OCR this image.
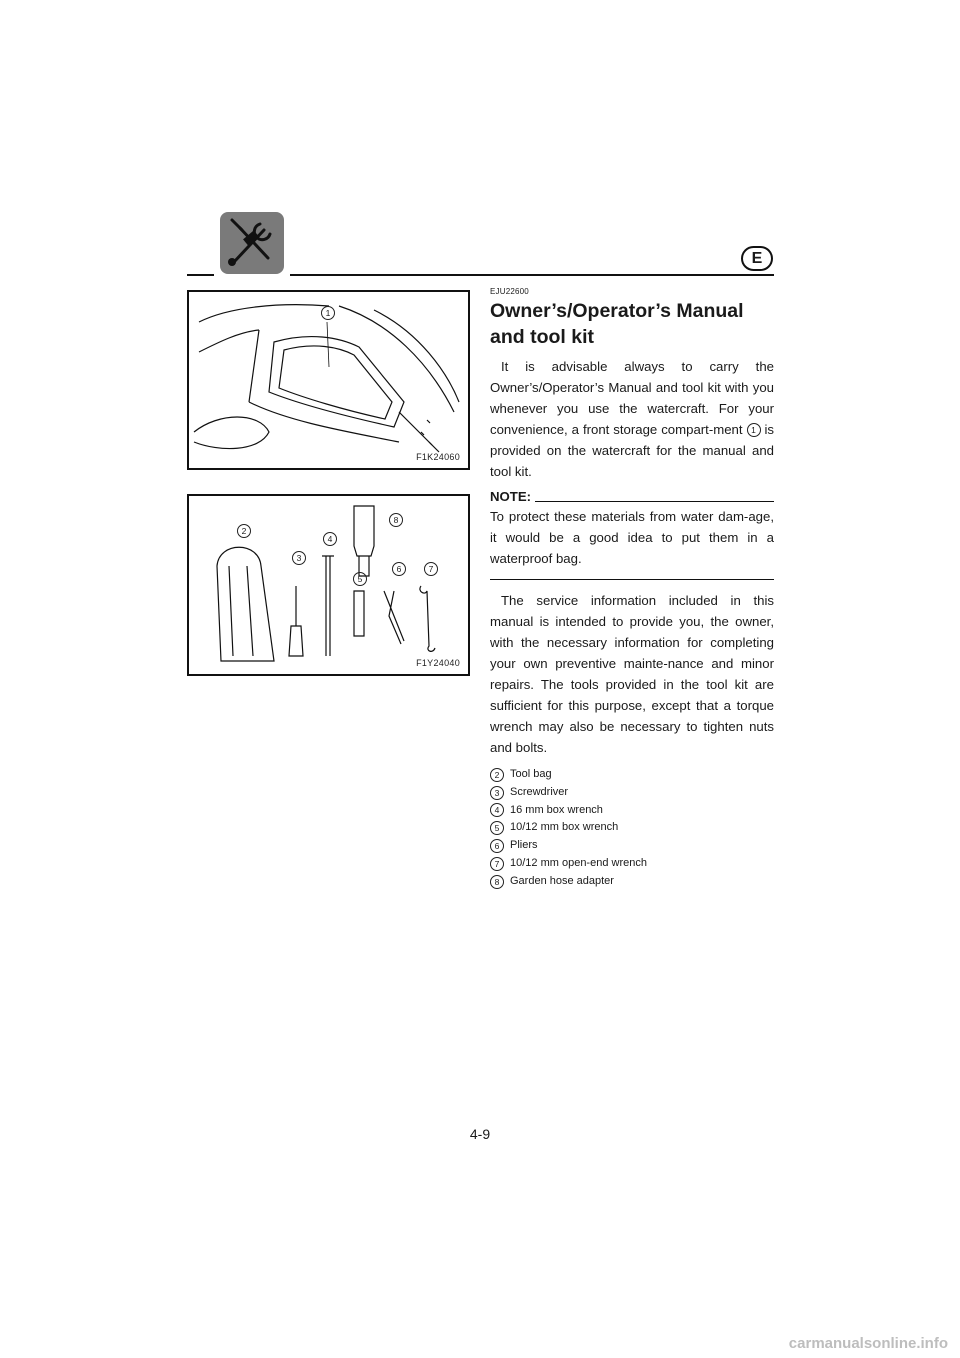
E
1
F1K24060
2
3
4
5
6	7
8
F1Y24040
EJU22600
Owner’s/Operator’s Manual and tool kit

It is advisable always to carry the Owner’s/Operator’s Manual and tool kit with you whenever you use the watercraft. For your convenience, a front storage compart-ment 1 is provided on the watercraft for the manual and tool kit.

NOTE:

To protect these materials from water dam-age, it would be a good idea to put them in a waterproof bag.

The service information included in this manual is intended to provide you, the owner, with the necessary information for completing your own preventive mainte-nance and minor repairs. The tools provided in the tool kit are sufficient for this purpose, except that a torque wrench may also be necessary to tighten nuts and bolts.

2 Tool bag
3 Screwdriver
4 16 mm box wrench
5 10/12 mm box wrench
6 Pliers
7 10/12 mm open-end wrench
8 Garden hose adapter
4-9
carmanualsonline.info
